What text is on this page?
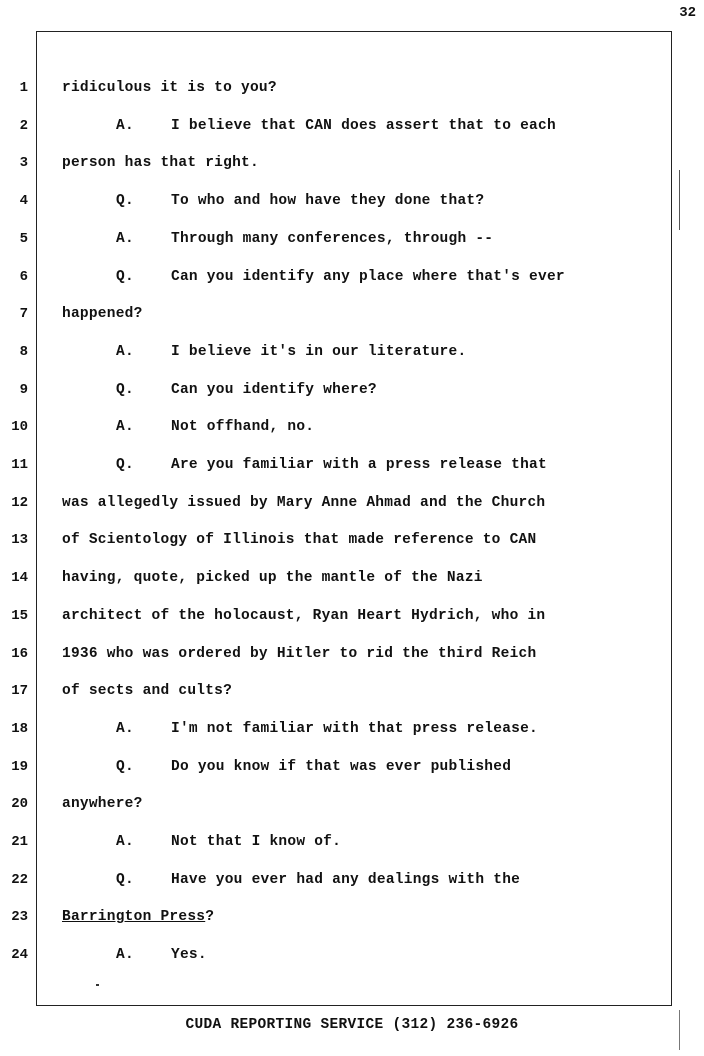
32
1 ridiculous it is to you?
2	A.	I believe that CAN does assert that to each
3 person has that right.
4	Q.	To who and how have they done that?
5	A.	Through many conferences, through --
6	Q.	Can you identify any place where that's ever
7 happened?
8	A.	I believe it's in our literature.
9	Q.	Can you identify where?
10	A.	Not offhand, no.
11	Q.	Are you familiar with a press release that
12 was allegedly issued by Mary Anne Ahmad and the Church
13 of Scientology of Illinois that made reference to CAN
14 having, quote, picked up the mantle of the Nazi
15 architect of the holocaust, Ryan Heart Hydrich, who in
16 1936 who was ordered by Hitler to rid the third Reich
17 of sects and cults?
18	A.	I'm not familiar with that press release.
19	Q.	Do you know if that was ever published
20 anywhere?
21	A.	Not that I know of.
22	Q.	Have you ever had any dealings with the
23 Barrington Press?
24	A.	Yes.
CUDA REPORTING SERVICE (312) 236-6926
